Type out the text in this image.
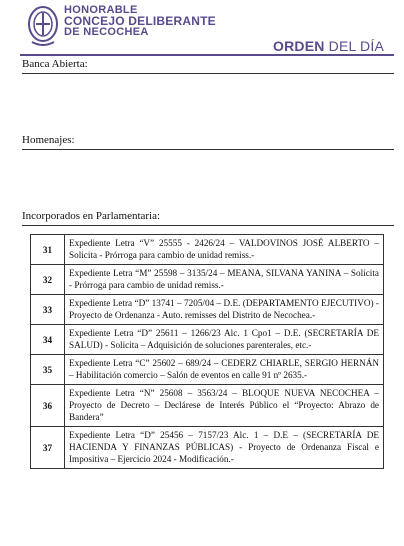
HONORABLE
CONCEJO DELIBERANTE
DE NECOCHEA
ORDEN DEL DÍA
Banca Abierta:
Homenajes:
Incorporados en Parlamentaria:
31	Expediente Letra “V” 25555 - 2426/24 – VALDOVINOS JOSÉ ALBERTO – Solicita - Prórroga para cambio de unidad remiss.-
32	Expediente Letra “M” 25598 – 3135/24 – MEANA, SILVANA YANINA – Solicita - Prórroga para cambio de unidad remiss.-
33	Expediente Letra “D” 13741 – 7205/04 – D.E. (DEPARTAMENTO EJECUTIVO) - Proyecto de Ordenanza - Auto. remisses del Distrito de Necochea.-
34	Expediente Letra “D” 25611 – 1266/23 Alc. 1 Cpo1 – D.E. (SECRETARÍA DE SALUD) - Solicita – Adquisición de soluciones parenterales, etc.-
35	Expediente Letra “C” 25602 – 689/24 – CEDERZ CHIARLE, SERGIO HERNÁN – Habilitación comercio – Salón de eventos en calle 91 nº 2635.-
36	Expediente Letra “N” 25608 – 3563/24 – BLOQUE NUEVA NECOCHEA – Proyecto de Decreto – Declárese de Interés Público el “Proyecto: Abrazo de Bandera”
37	Expediente Letra “D” 25456 – 7157/23 Alc. 1 – D.E – (SECRETARÍA DE HACIENDA Y FINANZAS PÚBLICAS) - Proyecto de Ordenanza Fiscal e Impositiva – Ejercicio 2024 - Modificación.-
